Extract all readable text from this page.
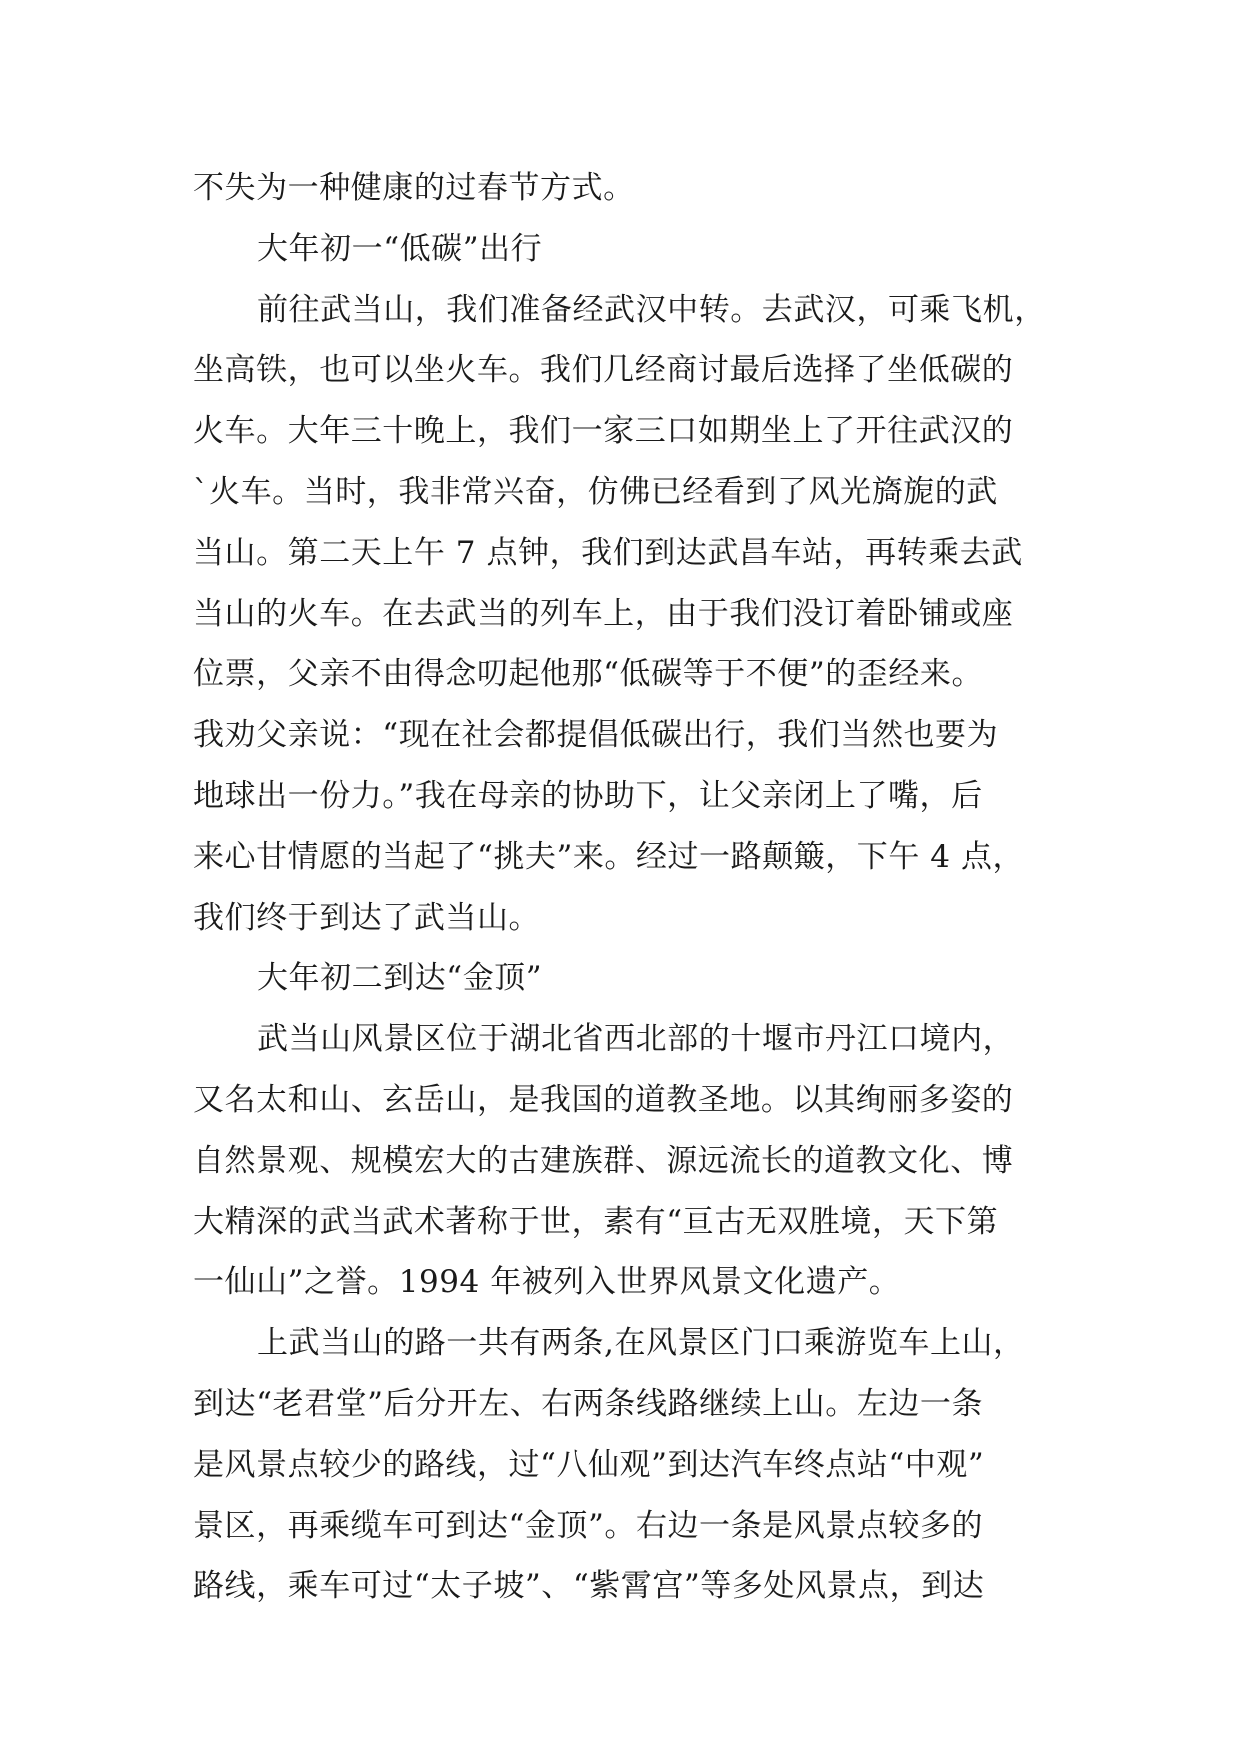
不失为一种健康的过春节方式。
大年初一“低碳”出行
前往武当山，我们准备经武汉中转。去武汉，可乘飞机，
坐高铁，也可以坐火车。我们几经商讨最后选择了坐低碳的
火车。大年三十晚上，我们一家三口如期坐上了开往武汉的
`火车。当时，我非常兴奋，仿佛已经看到了风光旖旎的武
当山。第二天上午 7 点钟，我们到达武昌车站，再转乘去武
当山的火车。在去武当的列车上，由于我们没订着卧铺或座
位票，父亲不由得念叨起他那“低碳等于不便”的歪经来。
我劝父亲说：“现在社会都提倡低碳出行，我们当然也要为
地球出一份力。”我在母亲的协助下，让父亲闭上了嘴，后
来心甘情愿的当起了“挑夫”来。经过一路颠簸，下午 4 点，
我们终于到达了武当山。
大年初二到达“金顶”
武当山风景区位于湖北省西北部的十堰市丹江口境内，
又名太和山、玄岳山，是我国的道教圣地。以其绚丽多姿的
自然景观、规模宏大的古建族群、源远流长的道教文化、博
大精深的武当武术著称于世，素有“亘古无双胜境，天下第
一仙山”之誉。1994 年被列入世界风景文化遗产。
上武当山的路一共有两条,在风景区门口乘游览车上山，
到达“老君堂”后分开左、右两条线路继续上山。左边一条
是风景点较少的路线，过“八仙观”到达汽车终点站“中观”
景区，再乘缆车可到达“金顶”。右边一条是风景点较多的
路线，乘车可过“太子坡”、“紫霄宫”等多处风景点，到达
